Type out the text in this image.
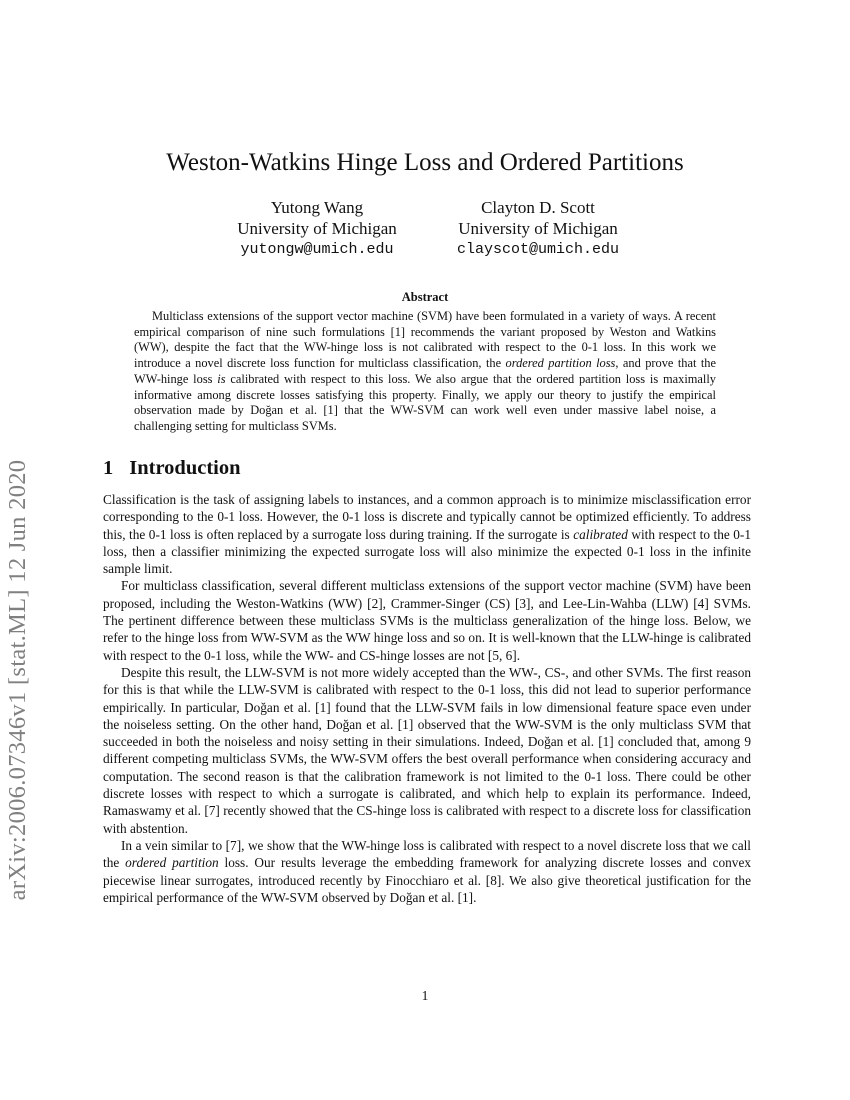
arXiv:2006.07346v1 [stat.ML] 12 Jun 2020
Weston-Watkins Hinge Loss and Ordered Partitions
Yutong Wang
University of Michigan
yutongw@umich.edu
Clayton D. Scott
University of Michigan
clayscot@umich.edu
Abstract

Multiclass extensions of the support vector machine (SVM) have been formulated in a variety of ways. A recent empirical comparison of nine such formulations [1] recommends the variant proposed by Weston and Watkins (WW), despite the fact that the WW-hinge loss is not calibrated with respect to the 0-1 loss. In this work we introduce a novel discrete loss function for multiclass classification, the ordered partition loss, and prove that the WW-hinge loss is calibrated with respect to this loss. We also argue that the ordered partition loss is maximally informative among discrete losses satisfying this property. Finally, we apply our theory to justify the empirical observation made by Doğan et al. [1] that the WW-SVM can work well even under massive label noise, a challenging setting for multiclass SVMs.

1 Introduction

Classification is the task of assigning labels to instances, and a common approach is to minimize misclassification error corresponding to the 0-1 loss. However, the 0-1 loss is discrete and typically cannot be optimized efficiently. To address this, the 0-1 loss is often replaced by a surrogate loss during training. If the surrogate is calibrated with respect to the 0-1 loss, then a classifier minimizing the expected surrogate loss will also minimize the expected 0-1 loss in the infinite sample limit.

For multiclass classification, several different multiclass extensions of the support vector machine (SVM) have been proposed, including the Weston-Watkins (WW) [2], Crammer-Singer (CS) [3], and Lee-Lin-Wahba (LLW) [4] SVMs. The pertinent difference between these multiclass SVMs is the multiclass generalization of the hinge loss. Below, we refer to the hinge loss from WW-SVM as the WW hinge loss and so on. It is well-known that the LLW-hinge is calibrated with respect to the 0-1 loss, while the WW- and CS-hinge losses are not [5, 6].

Despite this result, the LLW-SVM is not more widely accepted than the WW-, CS-, and other SVMs. The first reason for this is that while the LLW-SVM is calibrated with respect to the 0-1 loss, this did not lead to superior performance empirically. In particular, Doğan et al. [1] found that the LLW-SVM fails in low dimensional feature space even under the noiseless setting. On the other hand, Doğan et al. [1] observed that the WW-SVM is the only multiclass SVM that succeeded in both the noiseless and noisy setting in their simulations. Indeed, Doğan et al. [1] concluded that, among 9 different competing multiclass SVMs, the WW-SVM offers the best overall performance when considering accuracy and computation. The second reason is that the calibration framework is not limited to the 0-1 loss. There could be other discrete losses with respect to which a surrogate is calibrated, and which help to explain its performance. Indeed, Ramaswamy et al. [7] recently showed that the CS-hinge loss is calibrated with respect to a discrete loss for classification with abstention.

In a vein similar to [7], we show that the WW-hinge loss is calibrated with respect to a novel discrete loss that we call the ordered partition loss. Our results leverage the embedding framework for analyzing discrete losses and convex piecewise linear surrogates, introduced recently by Finocchiaro et al. [8]. We also give theoretical justification for the empirical performance of the WW-SVM observed by Doğan et al. [1].

1
